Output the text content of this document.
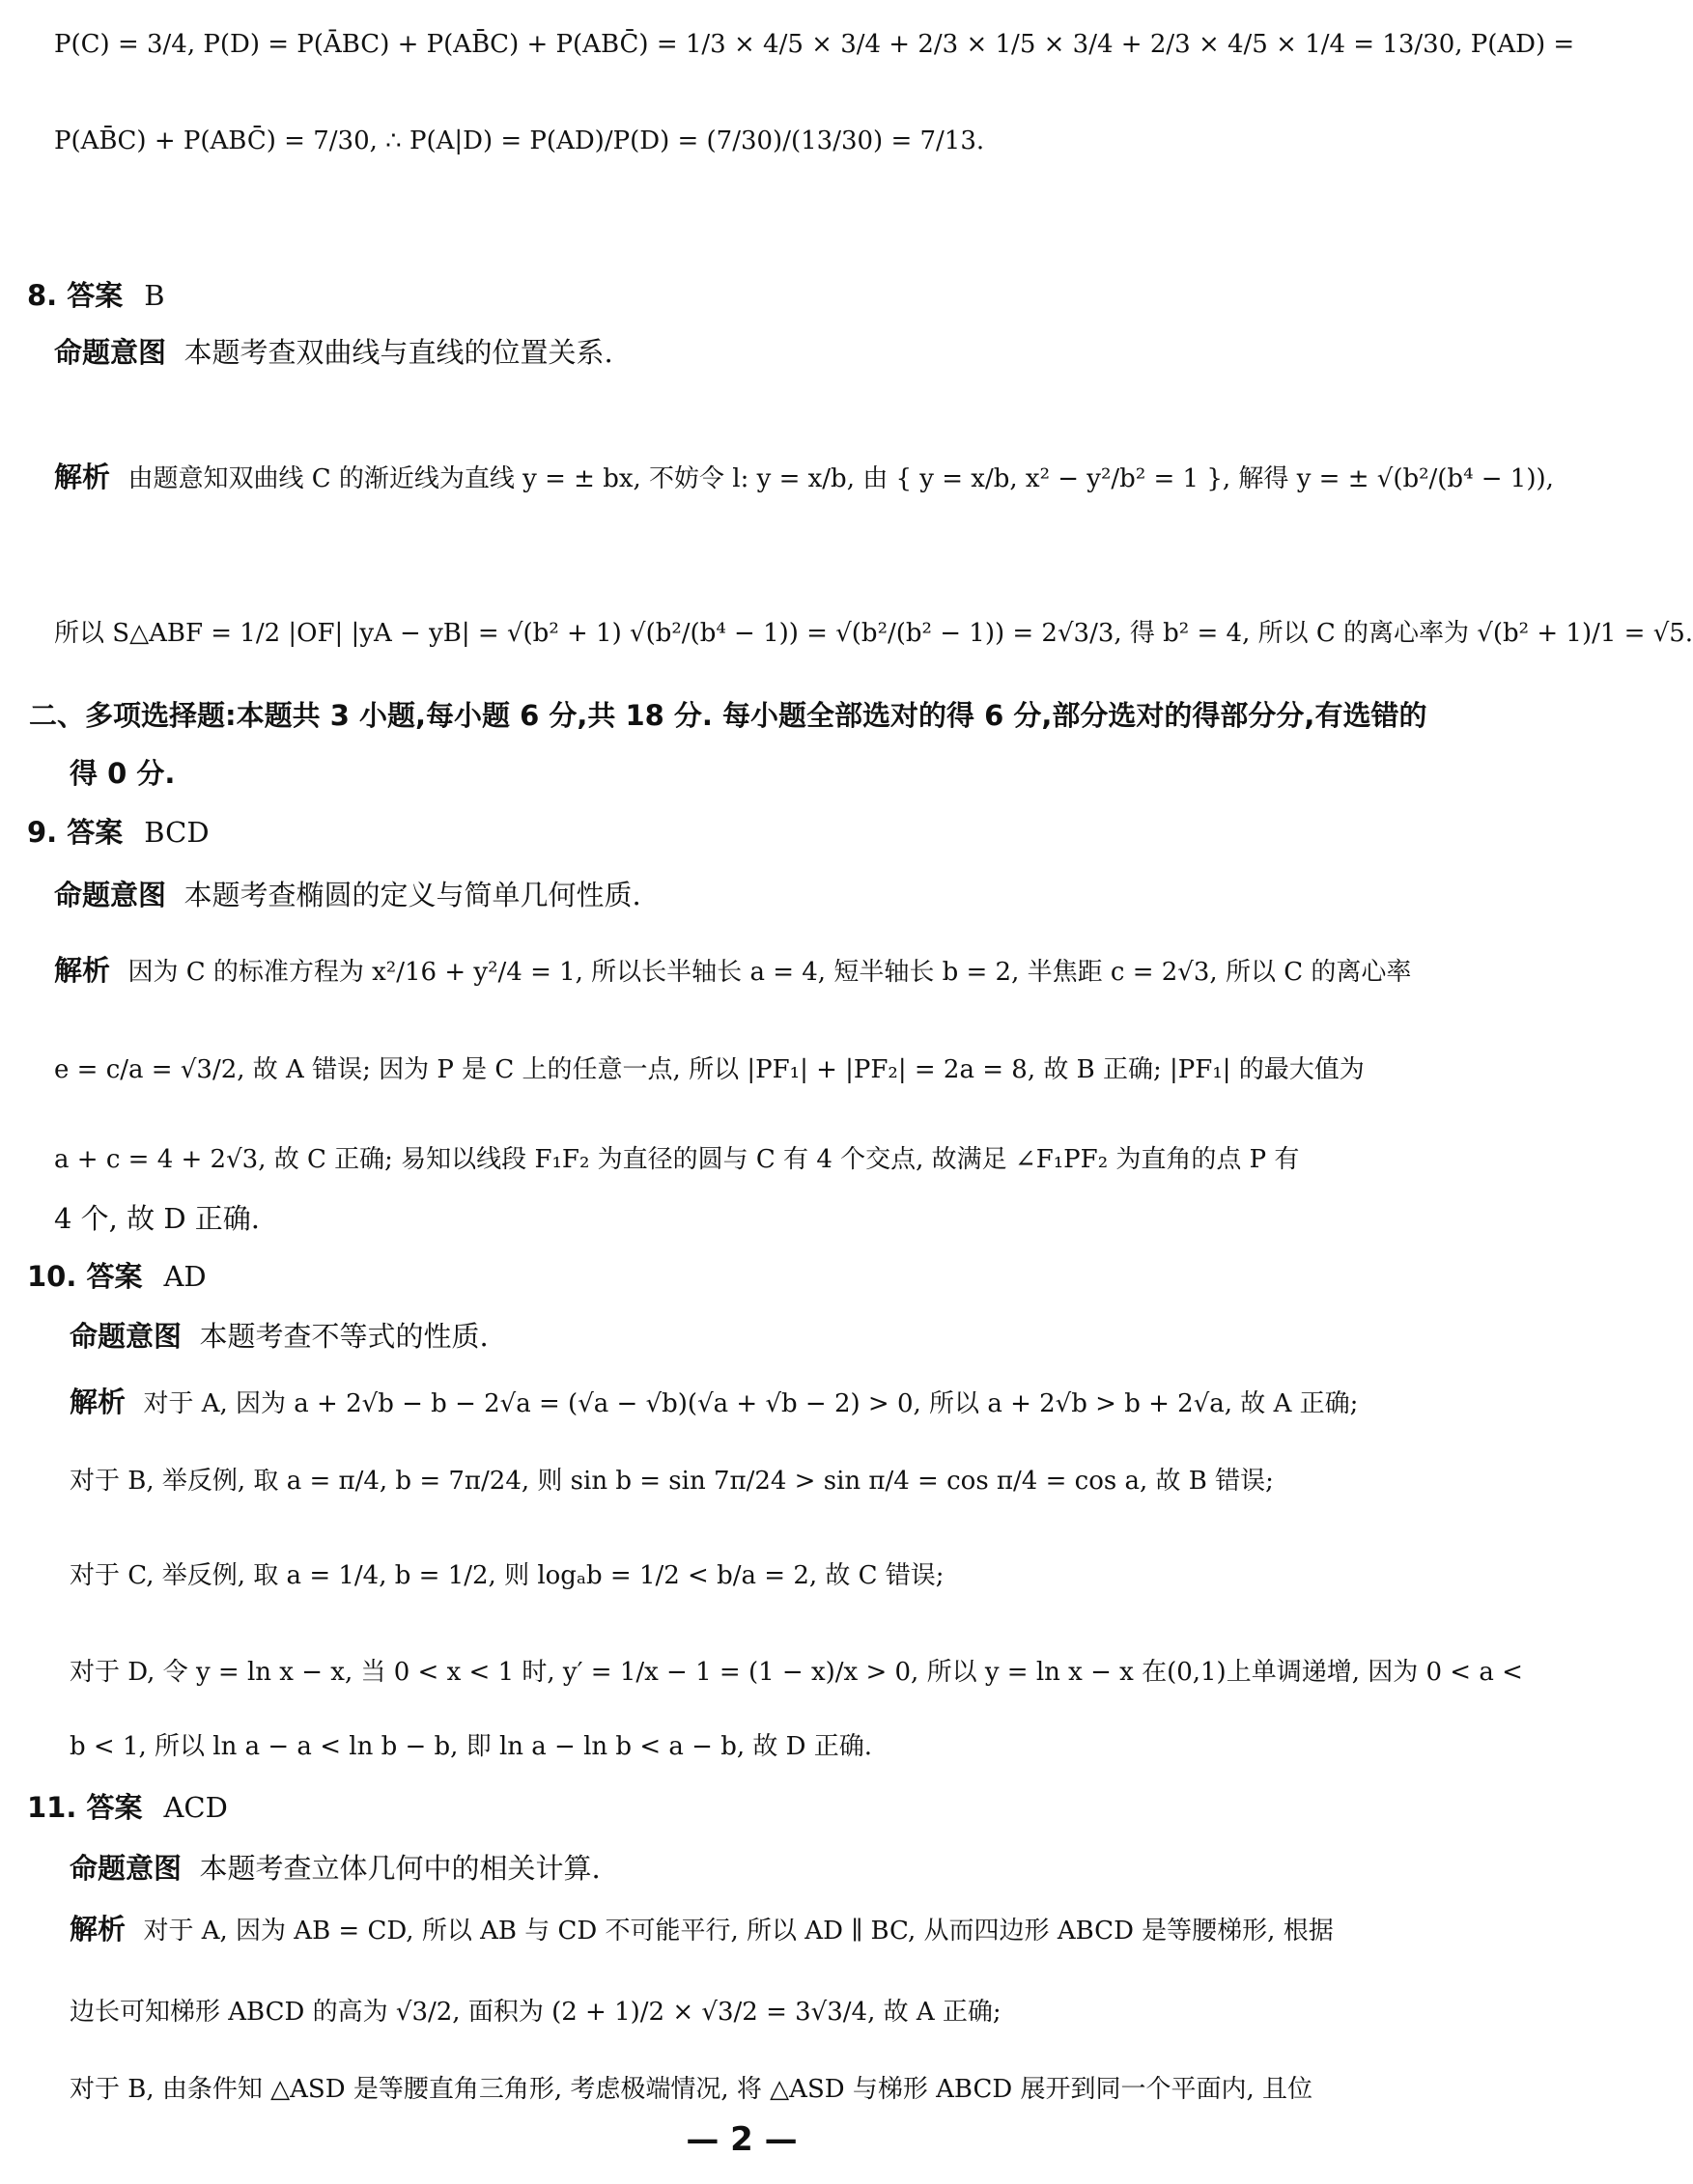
P(C) = 3/4, P(D) = P(ĀBC) + P(AB̄C) + P(ABC̄) = 1/3 × 4/5 × 3/4 + 2/3 × 1/5 × 3/4 + 2/3 × 4/5 × 1/4 = 13/30, P(AD) =
P(AB̄C) + P(ABC̄) = 7/30, ∴ P(A|D) = P(AD)/P(D) = (7/30)/(13/30) = 7/13.
8. 答案 B
命题意图 本题考查双曲线与直线的位置关系.
解析 由题意知双曲线 C 的渐近线为直线 y = ± bx, 不妨令 l: y = x/b, 由 { y = x/b, x² − y²/b² = 1 }, 解得 y = ± √(b²/(b⁴ − 1)),
所以 S△ABF = 1/2 |OF| |yA − yB| = √(b² + 1) √(b²/(b⁴ − 1)) = √(b²/(b² − 1)) = 2√3/3, 得 b² = 4, 所以 C 的离心率为 √(b² + 1)/1 = √5.
二、多项选择题:本题共 3 小题,每小题 6 分,共 18 分. 每小题全部选对的得 6 分,部分选对的得部分分,有选错的
得 0 分.
9. 答案 BCD
命题意图 本题考查椭圆的定义与简单几何性质.
解析 因为 C 的标准方程为 x²/16 + y²/4 = 1, 所以长半轴长 a = 4, 短半轴长 b = 2, 半焦距 c = 2√3, 所以 C 的离心率
e = c/a = √3/2, 故 A 错误; 因为 P 是 C 上的任意一点, 所以 |PF₁| + |PF₂| = 2a = 8, 故 B 正确; |PF₁| 的最大值为
a + c = 4 + 2√3, 故 C 正确; 易知以线段 F₁F₂ 为直径的圆与 C 有 4 个交点, 故满足 ∠F₁PF₂ 为直角的点 P 有
4 个, 故 D 正确.
10. 答案 AD
命题意图 本题考查不等式的性质.
解析 对于 A, 因为 a + 2√b − b − 2√a = (√a − √b)(√a + √b − 2) > 0, 所以 a + 2√b > b + 2√a, 故 A 正确;
对于 B, 举反例, 取 a = π/4, b = 7π/24, 则 sin b = sin 7π/24 > sin π/4 = cos π/4 = cos a, 故 B 错误;
对于 C, 举反例, 取 a = 1/4, b = 1/2, 则 logₐb = 1/2 < b/a = 2, 故 C 错误;
对于 D, 令 y = ln x − x, 当 0 < x < 1 时, y′ = 1/x − 1 = (1 − x)/x > 0, 所以 y = ln x − x 在(0,1)上单调递增, 因为 0 < a <
b < 1, 所以 ln a − a < ln b − b, 即 ln a − ln b < a − b, 故 D 正确.
11. 答案 ACD
命题意图 本题考查立体几何中的相关计算.
解析 对于 A, 因为 AB = CD, 所以 AB 与 CD 不可能平行, 所以 AD ∥ BC, 从而四边形 ABCD 是等腰梯形, 根据
边长可知梯形 ABCD 的高为 √3/2, 面积为 (2 + 1)/2 × √3/2 = 3√3/4, 故 A 正确;
对于 B, 由条件知 △ASD 是等腰直角三角形, 考虑极端情况, 将 △ASD 与梯形 ABCD 展开到同一个平面内, 且位
— 2 —
